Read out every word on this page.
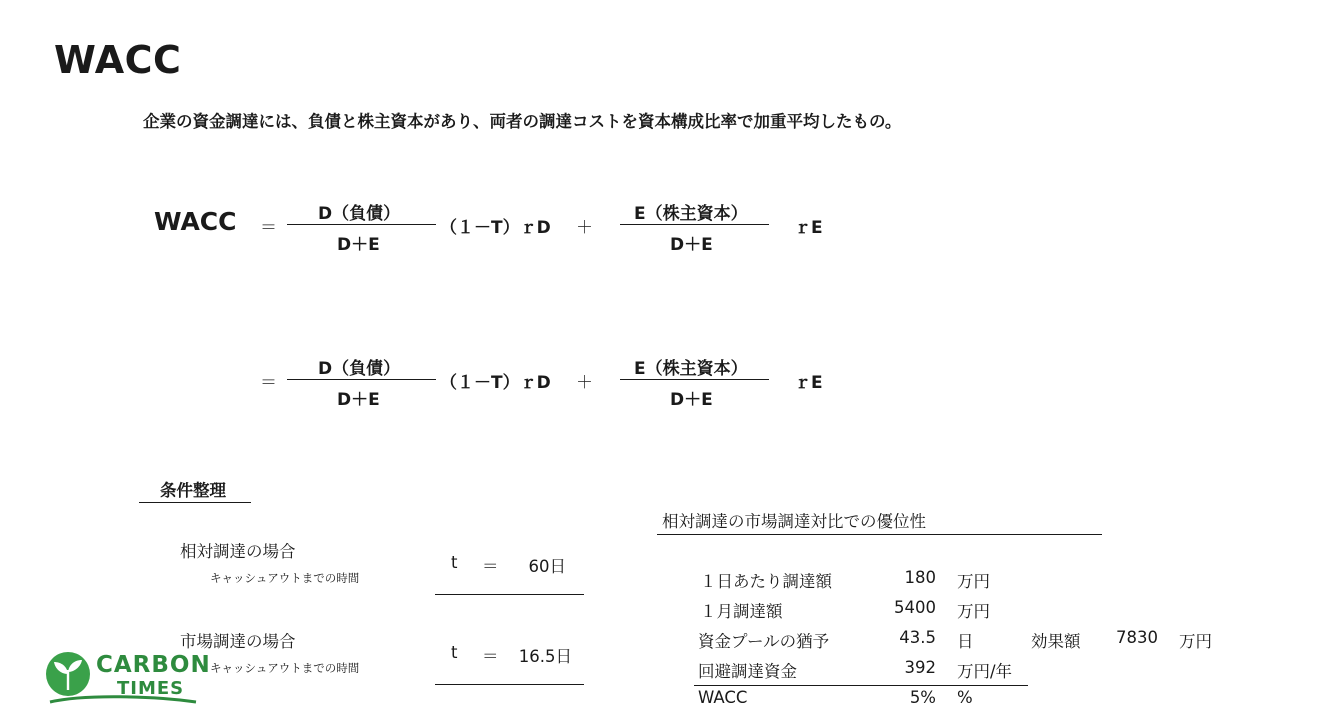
WACC
企業の資金調達には、負債と株主資本があり、両者の調達コストを資本構成比率で加重平均したもの。
WACC ＝
D（負債）
D＋E
（１－T）ｒD ＋
E（株主資本）
D＋E
ｒE
＝
D（負債）
D＋E
（１－T）ｒD ＋
E（株主資本）
D＋E
ｒE
条件整理
相対調達の場合
キャッシュアウトまでの時間
t ＝	60日
市場調達の場合
キャッシュアウトまでの時間
t ＝	16.5日
相対調達の市場調達対比での優位性
１日あたり調達額	180 万円
１月調達額	5400 万円
資金プールの猶予	43.5 日	効果額	7830 万円
回避調達資金	392 万円/年
WACC	5% %
CARBON
TIMES
